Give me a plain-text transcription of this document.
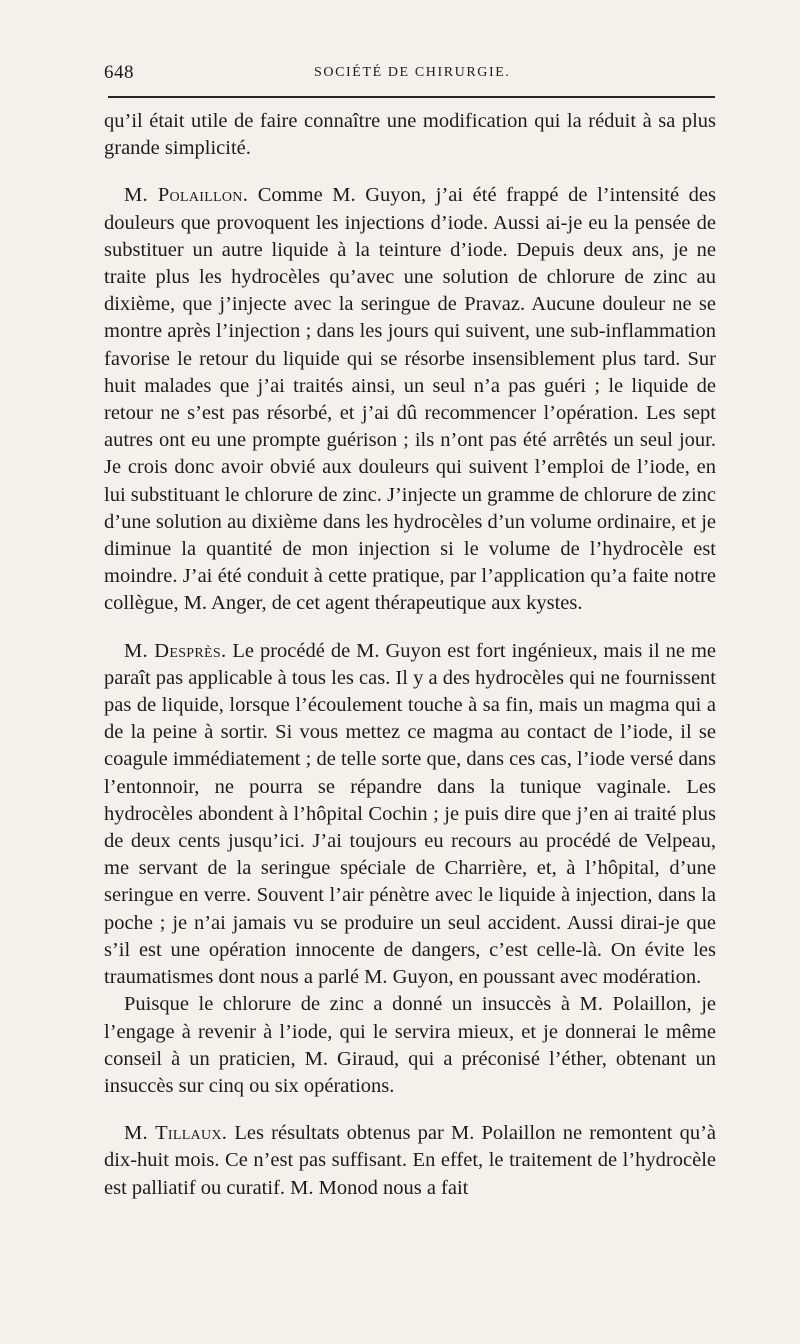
648	SOCIÉTÉ DE CHIRURGIE.

qu’il était utile de faire connaître une modification qui la réduit à sa plus grande simplicité.

M. Polaillon. Comme M. Guyon, j’ai été frappé de l’intensité des douleurs que provoquent les injections d’iode. Aussi ai-je eu la pensée de substituer un autre liquide à la teinture d’iode. Depuis deux ans, je ne traite plus les hydrocèles qu’avec une solution de chlorure de zinc au dixième, que j’injecte avec la seringue de Pravaz. Aucune douleur ne se montre après l’injection ; dans les jours qui suivent, une sub-inflammation favorise le retour du liquide qui se résorbe insensiblement plus tard. Sur huit malades que j’ai traités ainsi, un seul n’a pas guéri ; le liquide de retour ne s’est pas résorbé, et j’ai dû recommencer l’opération. Les sept autres ont eu une prompte guérison ; ils n’ont pas été arrêtés un seul jour. Je crois donc avoir obvié aux douleurs qui suivent l’emploi de l’iode, en lui substituant le chlorure de zinc. J’injecte un gramme de chlorure de zinc d’une solution au dixième dans les hydrocèles d’un volume ordinaire, et je diminue la quantité de mon injection si le volume de l’hydrocèle est moindre. J’ai été conduit à cette pratique, par l’application qu’a faite notre collègue, M. Anger, de cet agent thérapeutique aux kystes.

M. Desprès. Le procédé de M. Guyon est fort ingénieux, mais il ne me paraît pas applicable à tous les cas. Il y a des hydrocèles qui ne fournissent pas de liquide, lorsque l’écoulement touche à sa fin, mais un magma qui a de la peine à sortir. Si vous mettez ce magma au contact de l’iode, il se coagule immédiatement ; de telle sorte que, dans ces cas, l’iode versé dans l’entonnoir, ne pourra se répandre dans la tunique vaginale. Les hydrocèles abondent à l’hôpital Cochin ; je puis dire que j’en ai traité plus de deux cents jusqu’ici. J’ai toujours eu recours au procédé de Velpeau, me servant de la seringue spéciale de Charrière, et, à l’hôpital, d’une seringue en verre. Souvent l’air pénètre avec le liquide à injection, dans la poche ; je n’ai jamais vu se produire un seul accident. Aussi dirai-je que s’il est une opération innocente de dangers, c’est celle-là. On évite les traumatismes dont nous a parlé M. Guyon, en poussant avec modération.

Puisque le chlorure de zinc a donné un insuccès à M. Polaillon, je l’engage à revenir à l’iode, qui le servira mieux, et je donnerai le même conseil à un praticien, M. Giraud, qui a préconisé l’éther, obtenant un insuccès sur cinq ou six opérations.

M. Tillaux. Les résultats obtenus par M. Polaillon ne remontent qu’à dix-huit mois. Ce n’est pas suffisant. En effet, le traitement de l’hydrocèle est palliatif ou curatif. M. Monod nous a fait
